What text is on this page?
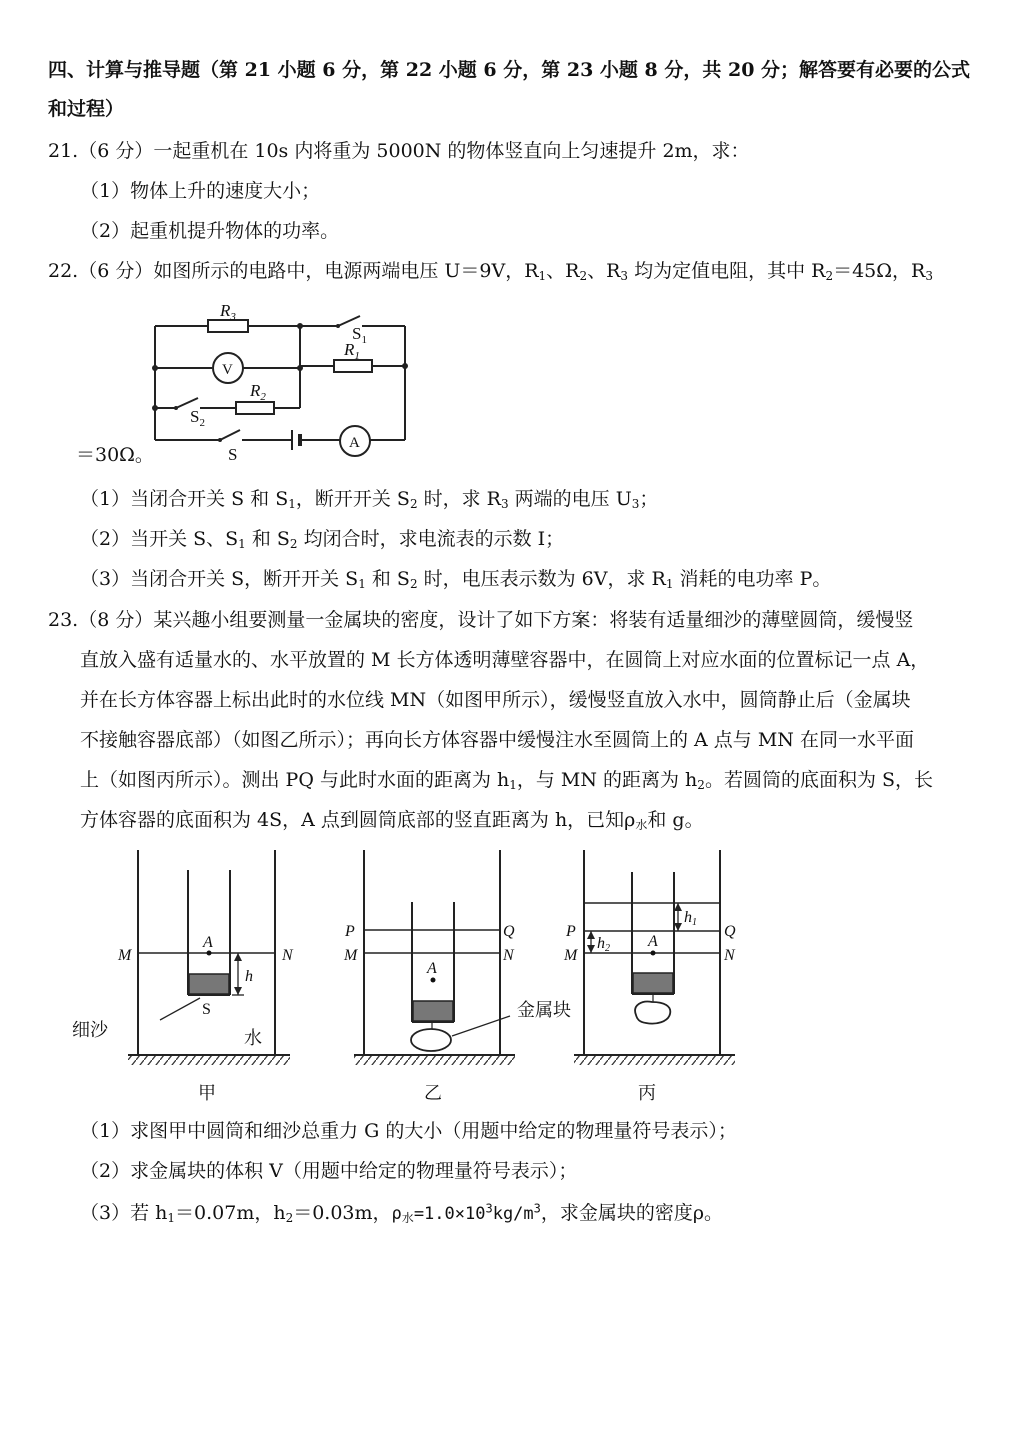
四、计算与推导题（第 21 小题 6 分，第 22 小题 6 分，第 23 小题 8 分，共 20 分；解答要有必要的公式
和过程）
21.（6 分）一起重机在 10s 内将重为 5000N 的物体竖直向上匀速提升 2m，求：
（1）物体上升的速度大小；
（2）起重机提升物体的功率。
22.（6 分）如图所示的电路中，电源两端电压 U＝9V，$R_1$、$R_2$、$R_3$ 均为定值电阻，其中 $R_2=45\Omega$，$R_3$
＝30Ω。
$R_3$
$S_1$
$R_1$
V
$R_2$
$S_2$
S
A
（1）当闭合开关 S 和 $S_1$，断开开关 $S_2$ 时，求 $R_3$ 两端的电压 $U_3$；
（2）当开关 S、$S_1$ 和 $S_2$ 均闭合时，求电流表的示数 I；
（3）当闭合开关 S，断开开关 $S_1$ 和 $S_2$ 时，电压表示数为 6V，求 $R_1$ 消耗的电功率 P。
23.（8 分）某兴趣小组要测量一金属块的密度，设计了如下方案：将装有适量细沙的薄壁圆筒，缓慢竖
直放入盛有适量水的、水平放置的 M 长方体透明薄壁容器中，在圆筒上对应水面的位置标记一点 A，
并在长方体容器上标出此时的水位线 MN（如图甲所示），缓慢竖直放入水中，圆筒静止后（金属块
不接触容器底部）（如图乙所示）；再向长方体容器中缓慢注水至圆筒上的 A 点与 MN 在同一水平面
上（如图丙所示）。测出 PQ 与此时水面的距离为 $h_1$，与 MN 的距离为 $h_2$。若圆筒的底面积为 S，长
方体容器的底面积为 4S，A 点到圆筒底部的竖直距离为 h，已知$\rho_水$和 g。
M	N
A
h
S
细沙	水
甲
P	Q
M	N
A
金属块
乙
P	Q
M	N
A
h1
h2
丙
（1）求图甲中圆筒和细沙总重力 G 的大小（用题中给定的物理量符号表示）；
（2）求金属块的体积 V（用题中给定的物理量符号表示）；
（3）若 $h_1=0.07m$，$h_2=0.03m$，$\rho_水=1.0\times 10^3kg/m^3$，求金属块的密度ρ。
